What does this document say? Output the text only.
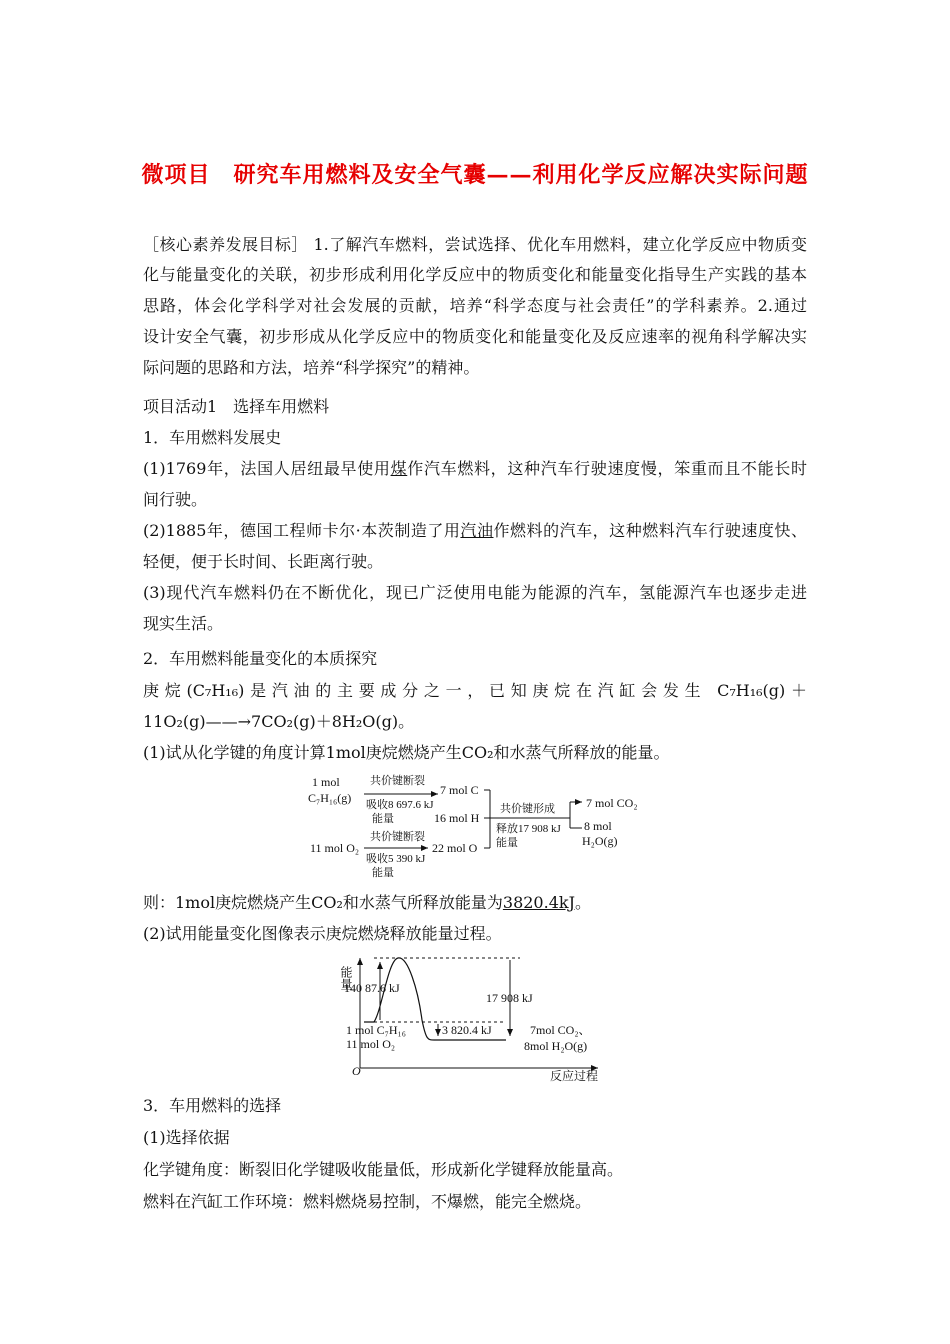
微项目　研究车用燃料及安全气囊——利用化学反应解决实际问题
［核心素养发展目标］ 1.了解汽车燃料，尝试选择、优化车用燃料，建立化学反应中物质变
化与能量变化的关联，初步形成利用化学反应中的物质变化和能量变化指导生产实践的基本
思路，体会化学科学对社会发展的贡献，培养“科学态度与社会责任”的学科素养。2.通过
设计安全气囊，初步形成从化学反应中的物质变化和能量变化及反应速率的视角科学解决实
际问题的思路和方法，培养“科学探究”的精神。
项目活动1　选择车用燃料
1．车用燃料发展史
(1)1769年，法国人居纽最早使用煤作汽车燃料，这种汽车行驶速度慢，笨重而且不能长时
间行驶。
(2)1885年，德国工程师卡尔·本茨制造了用汽油作燃料的汽车，这种燃料汽车行驶速度快、
轻便，便于长时间、长距离行驶。
(3)现代汽车燃料仍在不断优化，现已广泛使用电能为能源的汽车，氢能源汽车也逐步走进
现实生活。
2．车用燃料能量变化的本质探究
庚烷(C₇H₁₆)是汽油的主要成分之一，已知庚烷在汽缸会发生 C₇H₁₆(g)＋
11O₂(g)——→7CO₂(g)＋8H₂O(g)。
(1)试从化学键的角度计算1mol庚烷燃烧产生CO₂和水蒸气所释放的能量。
1 mol
C₇H₁₆(g)
11 mol O₂
共价键断裂
吸收8 697.6 kJ
能量
共价键断裂
吸收5 390 kJ
能量
7 mol C
16 mol H
22 mol O
共价键形成
释放17 908 kJ
能量
7 mol CO₂
8 mol
H₂O(g)
则：1mol庚烷燃烧产生CO₂和水蒸气所释放能量为3820.4kJ。
(2)试用能量变化图像表示庚烷燃烧释放能量过程。
能量
O	反应过程
140 87.6 kJ
17 908 kJ
3 820.4 kJ
1 mol C₇H₁₆
11 mol O₂
7mol CO₂、
8mol H₂O(g)
3．车用燃料的选择
(1)选择依据
化学键角度：断裂旧化学键吸收能量低，形成新化学键释放能量高。
燃料在汽缸工作环境：燃料燃烧易控制，不爆燃，能完全燃烧。
